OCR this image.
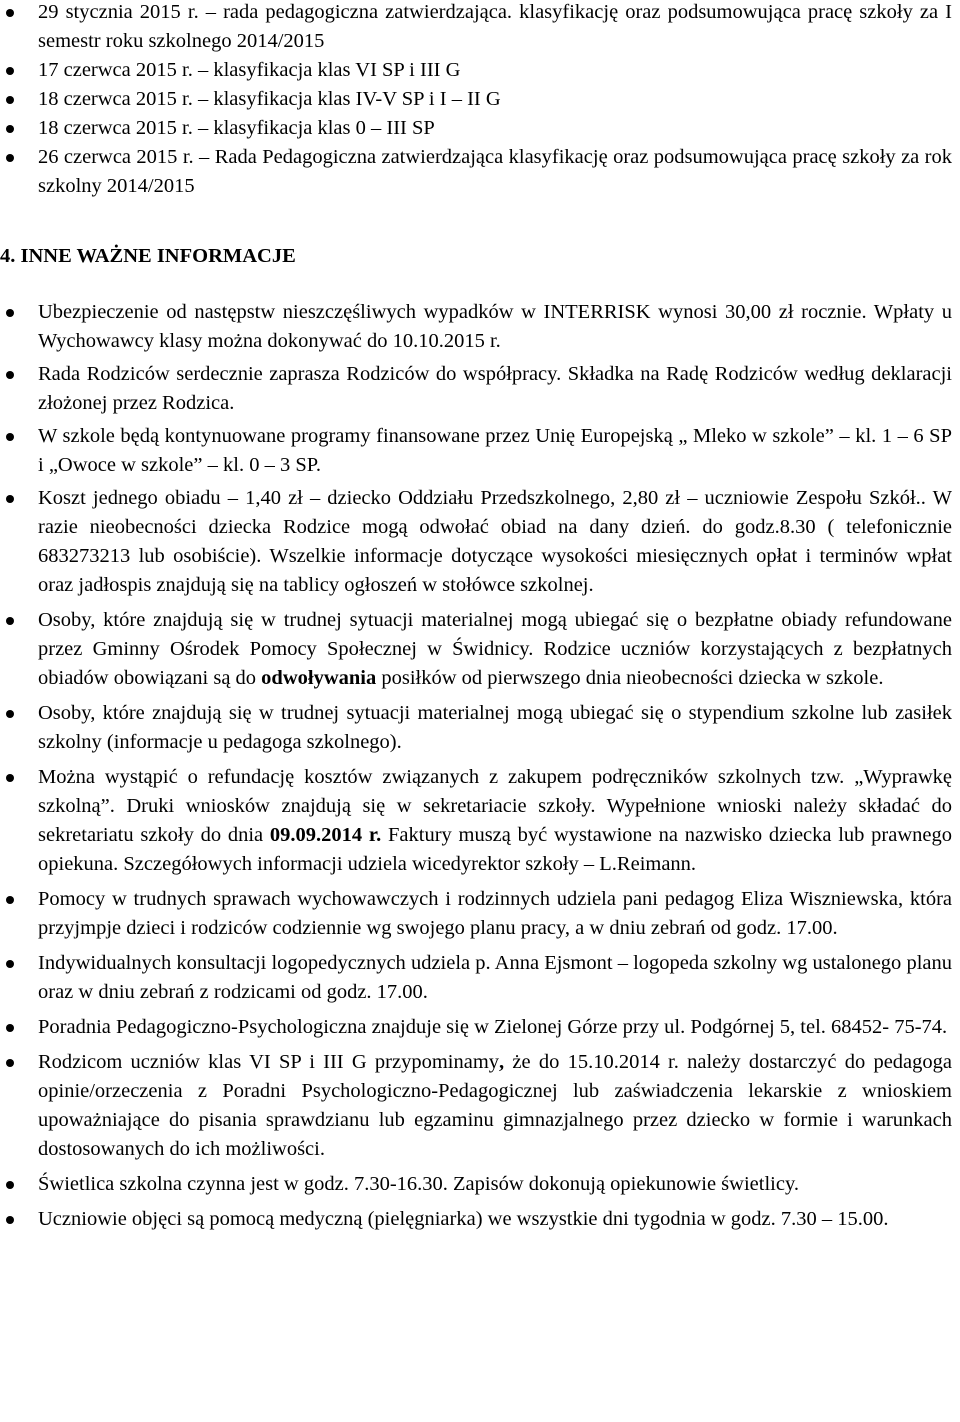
29 stycznia 2015 r. – rada pedagogiczna zatwierdzająca. klasyfikację oraz podsumowująca pracę szkoły za I semestr roku szkolnego 2014/2015
17 czerwca 2015 r. – klasyfikacja klas VI SP i III G
18 czerwca 2015 r. – klasyfikacja klas IV-V SP i I – II G
18 czerwca 2015 r. – klasyfikacja klas 0 – III SP
26 czerwca 2015 r. – Rada Pedagogiczna zatwierdzająca klasyfikację oraz podsumowująca pracę szkoły za rok szkolny 2014/2015
4. INNE WAŻNE INFORMACJE
Ubezpieczenie od następstw nieszczęśliwych wypadków w INTERRISK wynosi 30,00 zł rocznie. Wpłaty u Wychowawcy klasy można dokonywać do 10.10.2015 r.
Rada Rodziców serdecznie zaprasza Rodziców do współpracy. Składka na Radę Rodziców według deklaracji złożonej przez Rodzica.
W szkole będą kontynuowane programy finansowane przez Unię Europejską „ Mleko w szkole” – kl. 1 – 6 SP i „Owoce w szkole” – kl. 0 – 3 SP.
Koszt jednego obiadu – 1,40 zł – dziecko Oddziału Przedszkolnego, 2,80 zł – uczniowie Zespołu Szkół.. W razie nieobecności dziecka Rodzice mogą odwołać obiad na dany dzień. do godz.8.30 ( telefonicznie 683273213 lub osobiście). Wszelkie informacje dotyczące wysokości miesięcznych opłat i terminów wpłat oraz jadłospis znajdują się na tablicy ogłoszeń w stołówce szkolnej.
Osoby, które znajdują się w trudnej sytuacji materialnej mogą ubiegać się o bezpłatne obiady refundowane przez Gminny Ośrodek Pomocy Społecznej w Świdnicy. Rodzice uczniów korzystających z bezpłatnych obiadów obowiązani są do odwoływania posiłków od pierwszego dnia nieobecności dziecka w szkole.
Osoby, które znajdują się w trudnej sytuacji materialnej mogą ubiegać się o stypendium szkolne lub zasiłek szkolny (informacje u pedagoga szkolnego).
Można wystąpić o refundację kosztów związanych z zakupem podręczników szkolnych tzw. „Wyprawkę szkolną”. Druki wniosków znajdują się w sekretariacie szkoły. Wypełnione wnioski należy składać do sekretariatu szkoły do dnia 09.09.2014 r. Faktury muszą być wystawione na nazwisko dziecka lub prawnego opiekuna. Szczegółowych informacji udziela wicedyrektor szkoły – L.Reimann.
Pomocy w trudnych sprawach wychowawczych i rodzinnych udziela pani pedagog Eliza Wiszniewska, która przyjmpje dzieci i rodziców codziennie wg swojego planu pracy, a w dniu zebrań od godz. 17.00.
Indywidualnych konsultacji logopedycznych udziela p. Anna Ejsmont – logopeda szkolny wg ustalonego planu oraz w dniu zebrań z rodzicami od godz. 17.00.
Poradnia Pedagogiczno-Psychologiczna znajduje się w Zielonej Górze przy ul. Podgórnej 5, tel. 68452- 75-74.
Rodzicom uczniów klas VI SP i III G przypominamy, że do 15.10.2014 r. należy dostarczyć do pedagoga opinie/orzeczenia z Poradni Psychologiczno-Pedagogicznej lub zaświadczenia lekarskie z wnioskiem upoważniające do pisania sprawdzianu lub egzaminu gimnazjalnego przez dziecko w formie i warunkach dostosowanych do ich możliwości.
Świetlica szkolna czynna jest w godz. 7.30-16.30. Zapisów dokonują opiekunowie świetlicy.
Uczniowie objęci są pomocą medyczną (pielęgniarka) we wszystkie dni tygodnia w godz. 7.30 – 15.00.
